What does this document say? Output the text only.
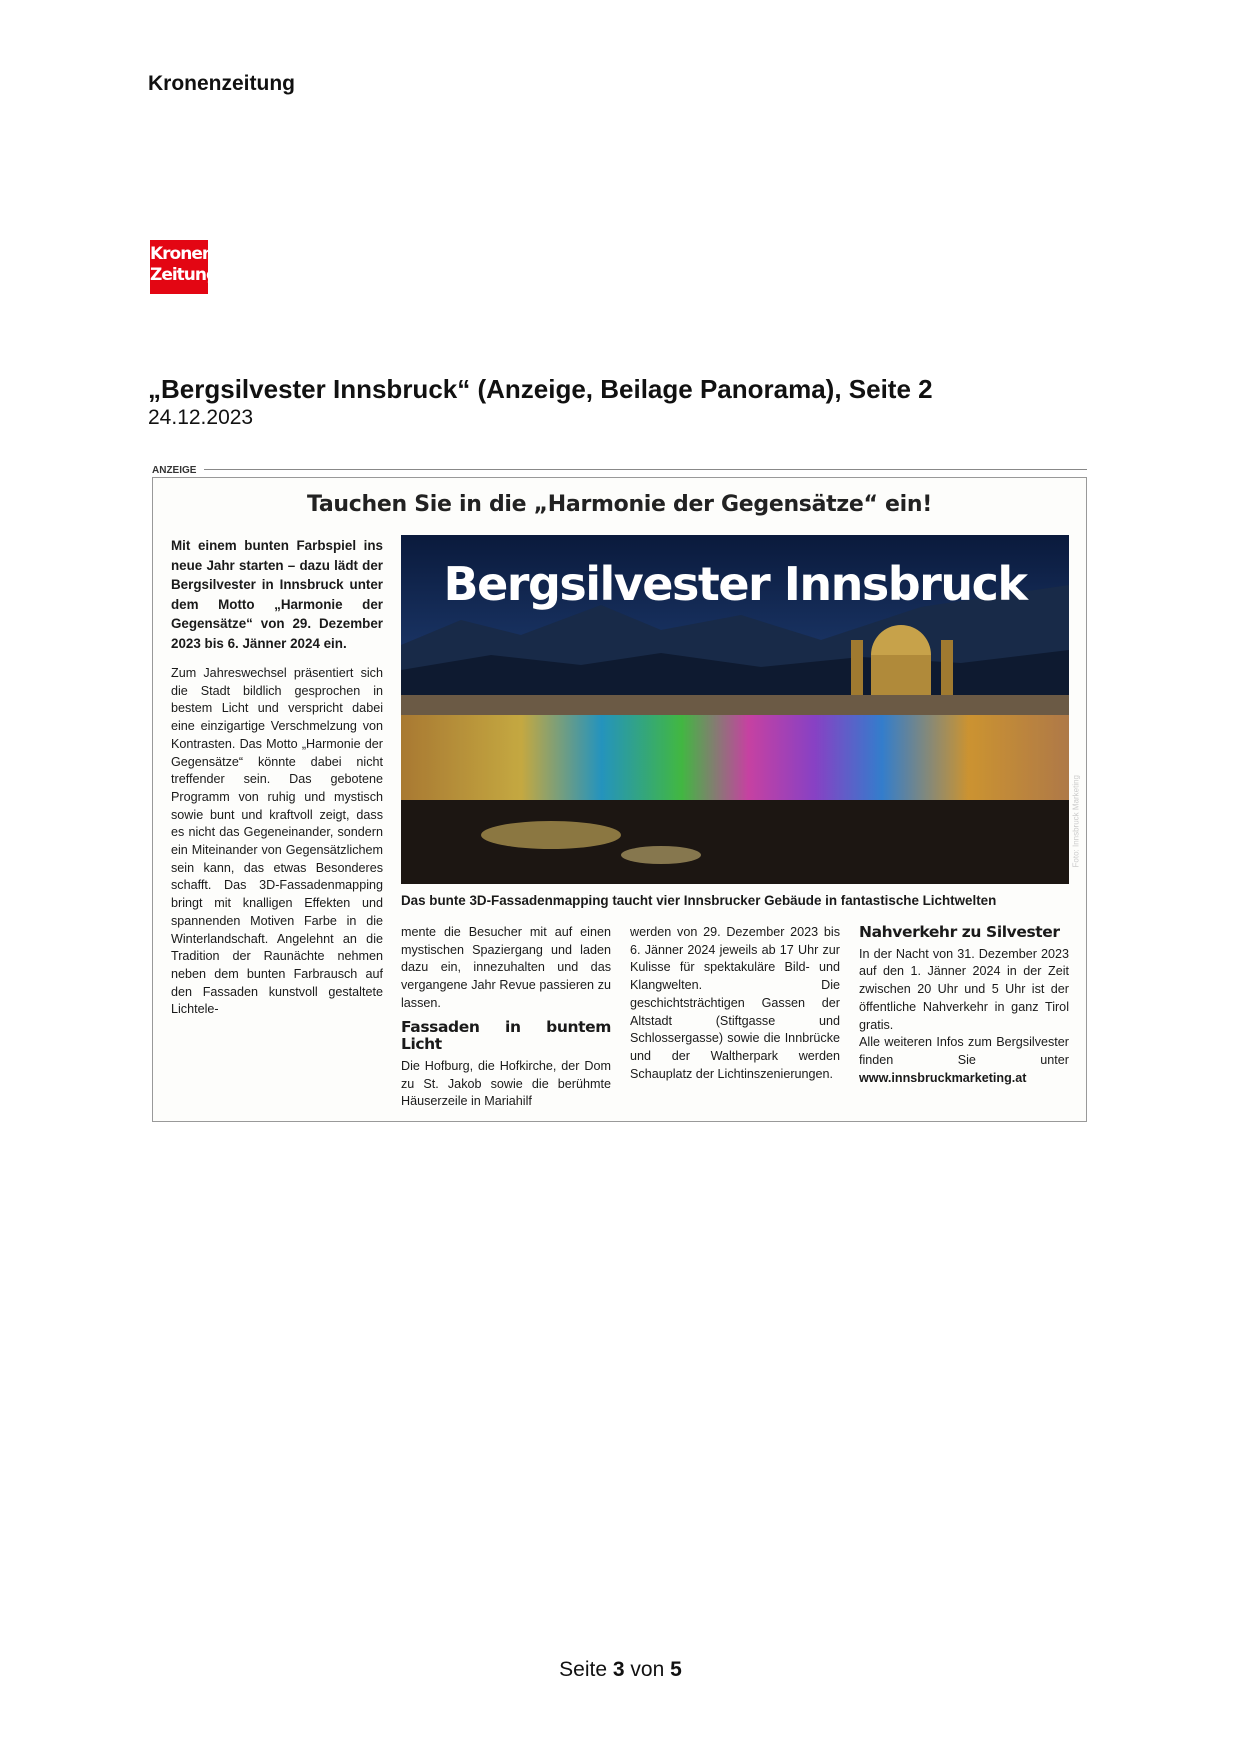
Kronenzeitung
Kronen
Zeitung
„Bergsilvester Innsbruck“ (Anzeige, Beilage Panorama), Seite 2
24.12.2023
ANZEIGE
Tauchen Sie in die „Harmonie der Gegensätze“ ein!

Mit einem bunten Farbspiel ins neue Jahr starten – dazu lädt der Bergsilvester in Innsbruck unter dem Motto „Harmonie der Gegensätze“ von 29. Dezember 2023 bis 6. Jänner 2024 ein.

Zum Jahreswechsel präsentiert sich die Stadt bildlich gesprochen in bestem Licht und verspricht dabei eine einzigartige Verschmelzung von Kontrasten. Das Motto „Harmonie der Gegensätze“ könnte dabei nicht treffender sein. Das gebotene Programm von ruhig und mystisch sowie bunt und kraftvoll zeigt, dass es nicht das Gegeneinander, sondern ein Miteinander von Gegensätzlichem sein kann, das etwas Besonderes schafft. Das 3D-Fassadenmapping bringt mit knalligen Effekten und spannenden Motiven Farbe in die Winterlandschaft. Angelehnt an die Tradition der Raunächte nehmen neben dem bunten Farbrausch auf den Fassaden kunstvoll gestaltete Lichtele-

Bergsilvester Innsbruck
Foto: Innsbruck Marketing
Das bunte 3D-Fassadenmapping taucht vier Innsbrucker Gebäude in fantastische Lichtwelten

mente die Besucher mit auf einen mystischen Spaziergang und laden dazu ein, innezuhalten und das vergangene Jahr Revue passieren zu lassen.

Fassaden in buntem Licht

Die Hofburg, die Hofkirche, der Dom zu St. Jakob sowie die berühmte Häuserzeile in Mariahilf

werden von 29. Dezember 2023 bis 6. Jänner 2024 jeweils ab 17 Uhr zur Kulisse für spektakuläre Bild- und Klangwelten. Die geschichtsträchtigen Gassen der Altstadt (Stiftgasse und Schlossergasse) sowie die Innbrücke und der Waltherpark werden Schauplatz der Lichtinszenierungen.

Nahverkehr zu Silvester

In der Nacht von 31. Dezember 2023 auf den 1. Jänner 2024 in der Zeit zwischen 20 Uhr und 5 Uhr ist der öffentliche Nahverkehr in ganz Tirol gratis.

Alle weiteren Infos zum Bergsilvester finden Sie unter www.innsbruckmarketing.at

Seite 3 von 5
